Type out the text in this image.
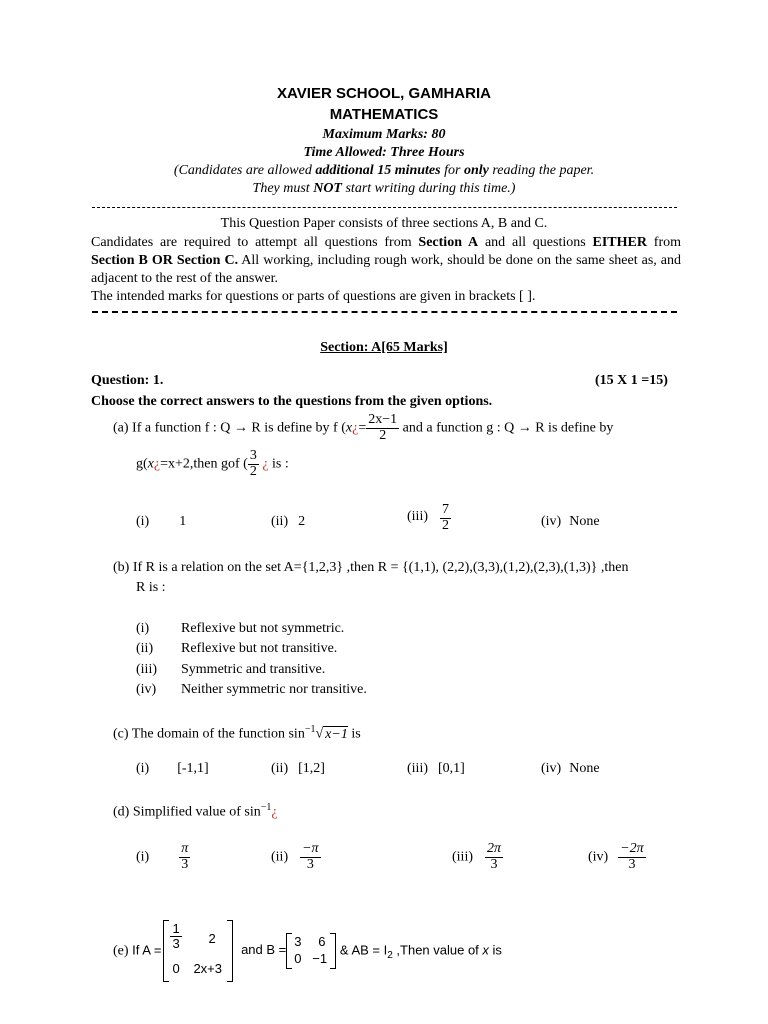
XAVIER SCHOOL, GAMHARIA
MATHEMATICS
Maximum Marks: 80
Time Allowed: Three Hours
(Candidates are allowed additional 15 minutes for only reading the paper.
They must NOT start writing during this time.)
This Question Paper consists of three sections A, B and C.
Candidates are required to attempt all questions from Section A and all questions EITHER from Section B OR Section C. All working, including rough work, should be done on the same sheet as, and adjacent to the rest of the answer.
The intended marks for questions or parts of questions are given in brackets [ ].
Section: A[65 Marks]
Question: 1.	(15 X 1 =15)
Choose the correct answers to the questions from the given options.
(a) If a function f : Q → R is define by f (x¿= $\frac{2x-1}{2}$ and a function g : Q → R is define by
g(x¿=x+2,then gof ( $\frac{3}{2}$ ¿ is :
(i) 1	(ii) 2	$(iii) \frac{7}{2}$	(iv) None
(b) If R is a relation on the set A={1,2,3} ,then R = {(1,1), (2,2),(3,3),(1,2),(2,3),(1,3)} ,then
R is :
(i) Reflexive but not symmetric.
(ii) Reflexive but not transitive.
(iii) Symmetric and transitive.
(iv) Neither symmetric nor transitive.
(c) The domain of the function $\sin^{-1}√$ x−1 is
(i) [-1,1]	(ii) [1,2]	(iii) [0,1]	(iv) None
(d) Simplified value of $\sin^{-1}¿$
$(i) \frac{\pi}{3}$	$(ii) \frac{-\pi}{3}$	$(iii) \frac{2\pi}{3}$	$(iv) \frac{-2\pi}{3}$
(e) If $A = \frac{1}{3} 2$
0 2x+3
and B =
3 6
0 −1
& AB = $I_2$ ,Then value of x is
